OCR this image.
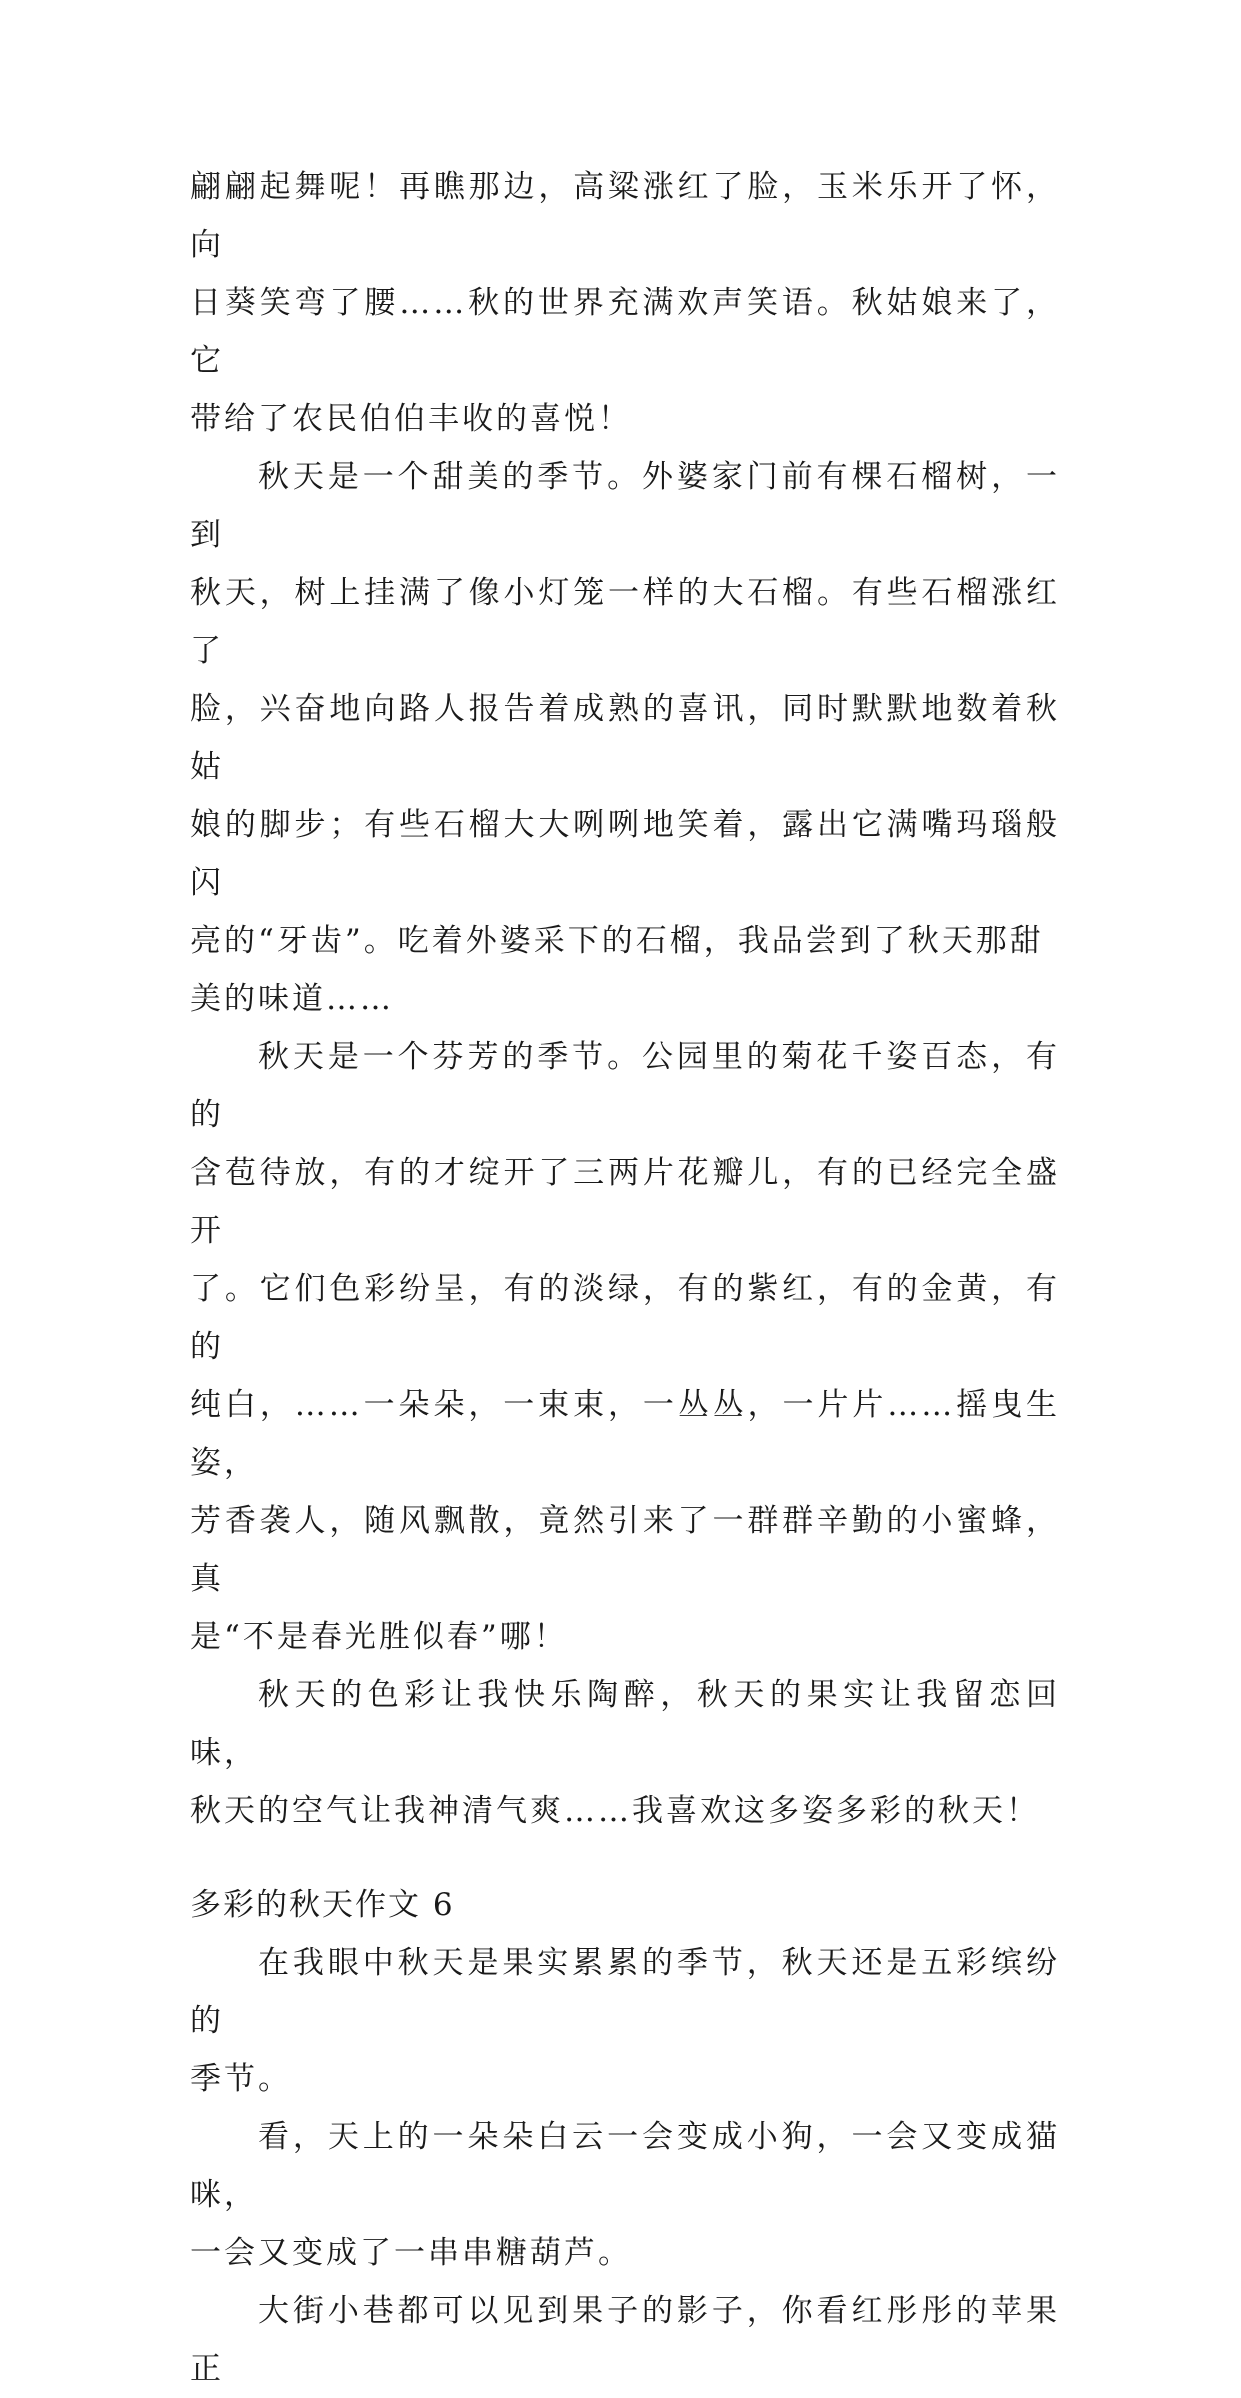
翩翩起舞呢！再瞧那边，高粱涨红了脸，玉米乐开了怀，向
日葵笑弯了腰……秋的世界充满欢声笑语。秋姑娘来了，它
带给了农民伯伯丰收的喜悦！

秋天是一个甜美的季节。外婆家门前有棵石榴树，一到
秋天，树上挂满了像小灯笼一样的大石榴。有些石榴涨红了
脸，兴奋地向路人报告着成熟的喜讯，同时默默地数着秋姑
娘的脚步；有些石榴大大咧咧地笑着，露出它满嘴玛瑙般闪
亮的“牙齿”。吃着外婆采下的石榴，我品尝到了秋天那甜
美的味道……

秋天是一个芬芳的季节。公园里的菊花千姿百态，有的
含苞待放，有的才绽开了三两片花瓣儿，有的已经完全盛开
了。它们色彩纷呈，有的淡绿，有的紫红，有的金黄，有的
纯白，……一朵朵，一束束，一丛丛，一片片……摇曳生姿，
芳香袭人，随风飘散，竟然引来了一群群辛勤的小蜜蜂，真
是“不是春光胜似春”哪！

秋天的色彩让我快乐陶醉，秋天的果实让我留恋回味，
秋天的空气让我神清气爽……我喜欢这多姿多彩的秋天！

多彩的秋天作文 6

在我眼中秋天是果实累累的季节，秋天还是五彩缤纷的
季节。

看，天上的一朵朵白云一会变成小狗，一会又变成猫咪，
一会又变成了一串串糖葫芦。

大街小巷都可以见到果子的影子，你看红彤彤的苹果正
